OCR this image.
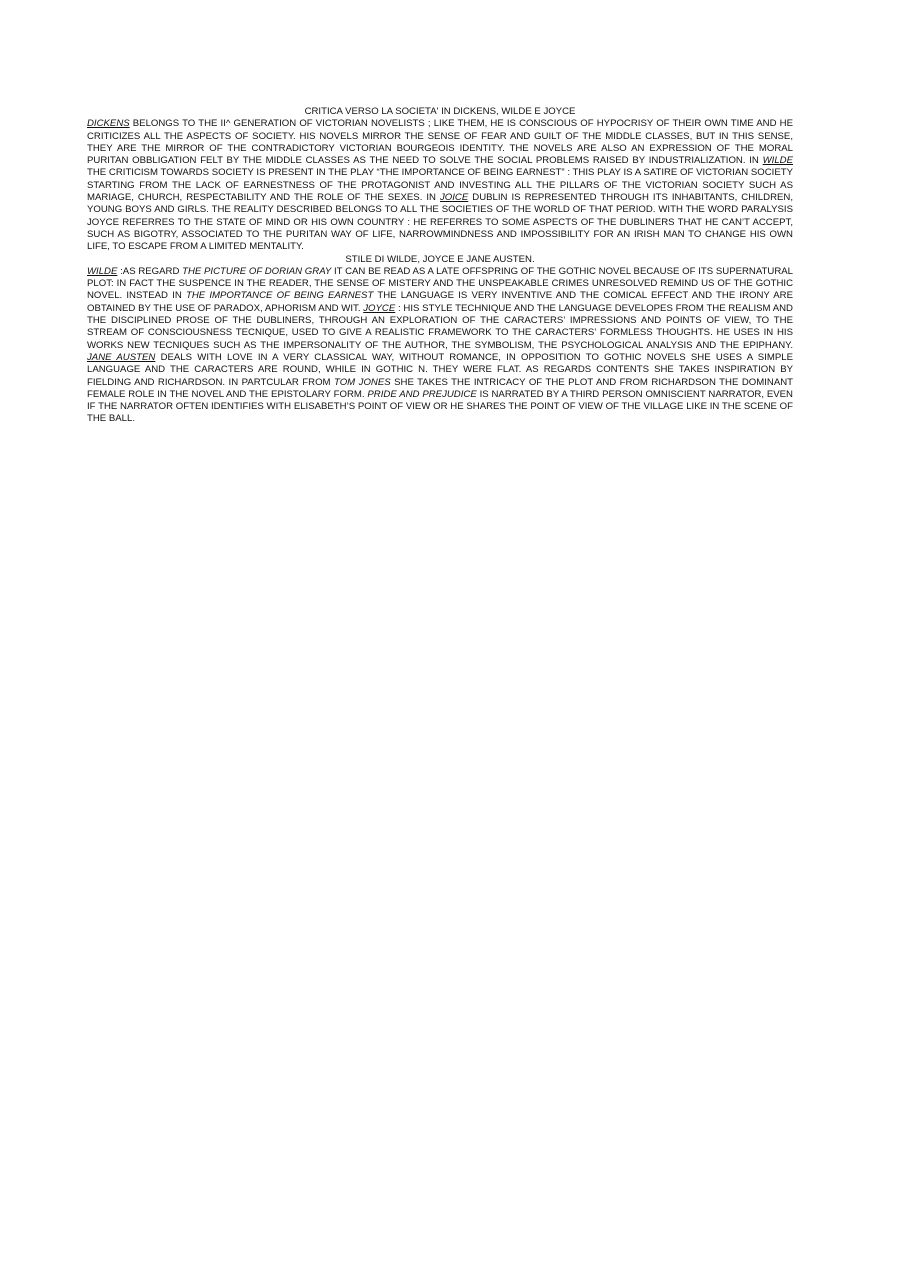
CRITICA VERSO LA SOCIETA' IN DICKENS, WILDE E JOYCE

DICKENS BELONGS TO THE II^ GENERATION OF VICTORIAN NOVELISTS ; LIKE THEM, HE IS CONSCIOUS OF HYPOCRISY OF THEIR OWN TIME AND HE CRITICIZES ALL THE ASPECTS OF SOCIETY. HIS NOVELS MIRROR THE SENSE OF FEAR AND GUILT OF THE MIDDLE CLASSES, BUT IN THIS SENSE, THEY ARE THE MIRROR OF THE CONTRADICTORY VICTORIAN BOURGEOIS IDENTITY. THE NOVELS ARE ALSO AN EXPRESSION OF THE MORAL PURITAN OBBLIGATION FELT BY THE MIDDLE CLASSES AS THE NEED TO SOLVE THE SOCIAL PROBLEMS RAISED BY INDUSTRIALIZATION. IN WILDE THE CRITICISM TOWARDS SOCIETY IS PRESENT IN THE PLAY “THE IMPORTANCE OF BEING EARNEST” : THIS PLAY IS A SATIRE OF VICTORIAN SOCIETY STARTING FROM THE LACK OF EARNESTNESS OF THE PROTAGONIST AND INVESTING ALL THE PILLARS OF THE VICTORIAN SOCIETY SUCH AS MARIAGE, CHURCH, RESPECTABILITY AND THE ROLE OF THE SEXES. IN JOICE DUBLIN IS REPRESENTED THROUGH ITS INHABITANTS, CHILDREN, YOUNG BOYS AND GIRLS. THE REALITY DESCRIBED BELONGS TO ALL THE SOCIETIES OF THE WORLD OF THAT PERIOD. WITH THE WORD PARALYSIS JOYCE REFERRES TO THE STATE OF MIND OR HIS OWN COUNTRY : HE REFERRES TO SOME ASPECTS OF THE DUBLINERS THAT HE CAN’T ACCEPT, SUCH AS BIGOTRY, ASSOCIATED TO THE PURITAN WAY OF LIFE, NARROWMINDNESS AND IMPOSSIBILITY FOR AN IRISH MAN TO CHANGE HIS OWN LIFE, TO ESCAPE FROM A LIMITED MENTALITY.

STILE DI WILDE, JOYCE E JANE AUSTEN.

WILDE :AS REGARD THE PICTURE OF DORIAN GRAY IT CAN BE READ AS A LATE OFFSPRING OF THE GOTHIC NOVEL BECAUSE OF ITS SUPERNATURAL PLOT: IN FACT THE SUSPENCE IN THE READER, THE SENSE OF MISTERY AND THE UNSPEAKABLE CRIMES UNRESOLVED REMIND US OF THE GOTHIC NOVEL. INSTEAD IN THE IMPORTANCE OF BEING EARNEST THE LANGUAGE IS VERY INVENTIVE AND THE COMICAL EFFECT AND THE IRONY ARE OBTAINED BY THE USE OF PARADOX, APHORISM AND WIT. JOYCE : HIS STYLE TECHNIQUE AND THE LANGUAGE DEVELOPES FROM THE REALISM AND THE DISCIPLINED PROSE OF THE DUBLINERS, THROUGH AN EXPLORATION OF THE CARACTERS’ IMPRESSIONS AND POINTS OF VIEW, TO THE STREAM OF CONSCIOUSNESS TECNIQUE, USED TO GIVE A REALISTIC FRAMEWORK TO THE CARACTERS’ FORMLESS THOUGHTS. HE USES IN HIS WORKS NEW TECNIQUES SUCH AS THE IMPERSONALITY OF THE AUTHOR, THE SYMBOLISM, THE PSYCHOLOGICAL ANALYSIS AND THE EPIPHANY. JANE AUSTEN DEALS WITH LOVE IN A VERY CLASSICAL WAY, WITHOUT ROMANCE, IN OPPOSITION TO GOTHIC NOVELS SHE USES A SIMPLE LANGUAGE AND THE CARACTERS ARE ROUND, WHILE IN GOTHIC N. THEY WERE FLAT. AS REGARDS CONTENTS SHE TAKES INSPIRATION BY FIELDING AND RICHARDSON. IN PARTCULAR FROM TOM JONES SHE TAKES THE INTRICACY OF THE PLOT AND FROM RICHARDSON THE DOMINANT FEMALE ROLE IN THE NOVEL AND THE EPISTOLARY FORM. PRIDE AND PREJUDICE IS NARRATED BY A THIRD PERSON OMNISCIENT NARRATOR, EVEN IF THE NARRATOR OFTEN IDENTIFIES WITH ELISABETH’S POINT OF VIEW OR HE SHARES THE POINT OF VIEW OF THE VILLAGE LIKE IN THE SCENE OF THE BALL.
